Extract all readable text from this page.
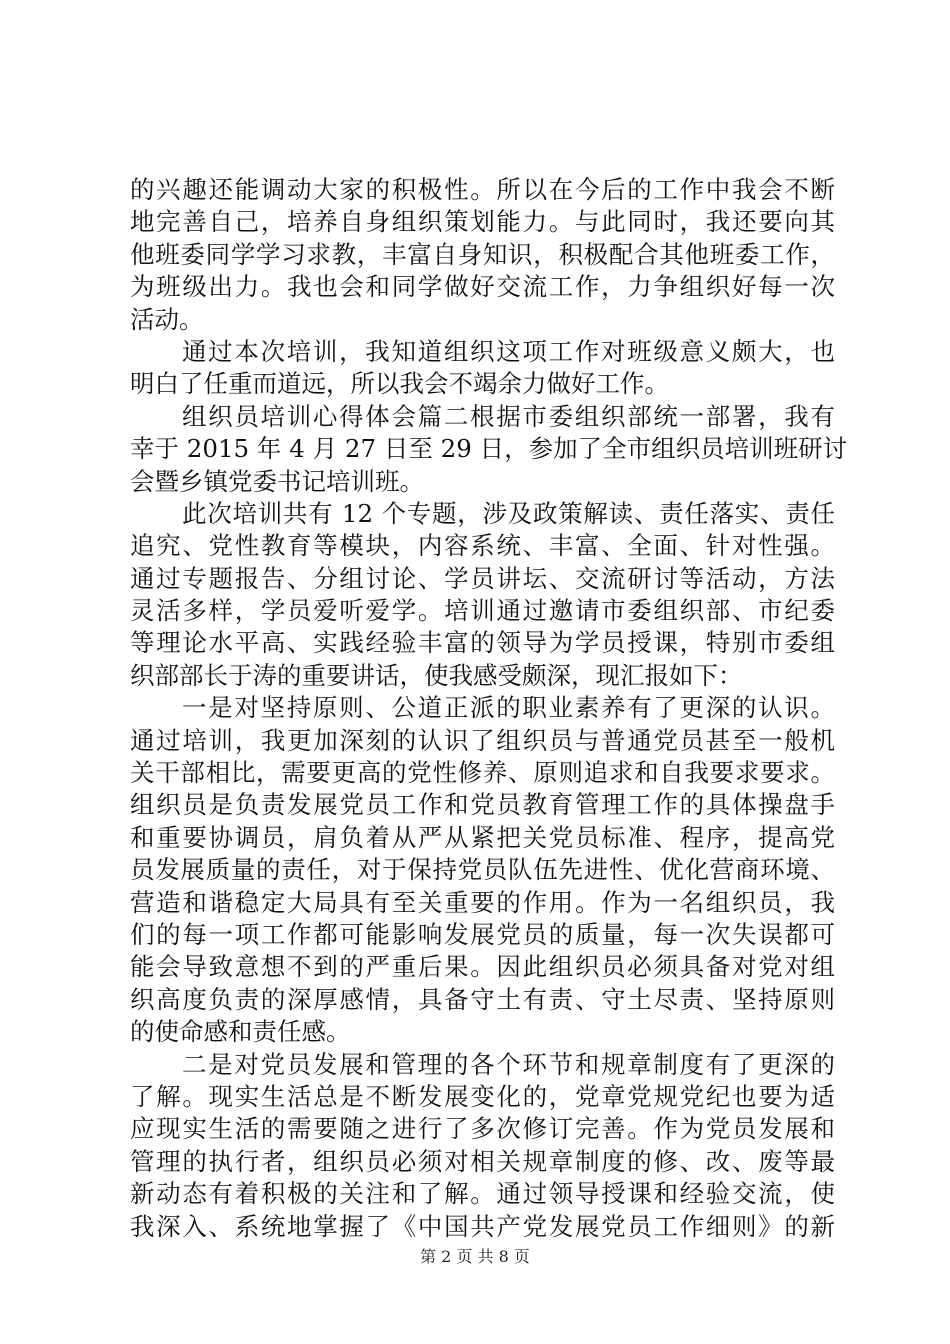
的兴趣还能调动大家的积极性。所以在今后的工作中我会不断
地完善自己，培养自身组织策划能力。与此同时，我还要向其
他班委同学学习求教，丰富自身知识，积极配合其他班委工作，
为班级出力。我也会和同学做好交流工作，力争组织好每一次
活动。
通过本次培训，我知道组织这项工作对班级意义颇大，也
明白了任重而道远，所以我会不竭余力做好工作。
组织员培训心得体会篇二根据市委组织部统一部署，我有
幸于 2015 年 4 月 27 日至 29 日，参加了全市组织员培训班研讨
会暨乡镇党委书记培训班。
此次培训共有 12 个专题，涉及政策解读、责任落实、责任
追究、党性教育等模块，内容系统、丰富、全面、针对性强。
通过专题报告、分组讨论、学员讲坛、交流研讨等活动，方法
灵活多样，学员爱听爱学。培训通过邀请市委组织部、市纪委
等理论水平高、实践经验丰富的领导为学员授课，特别市委组
织部部长于涛的重要讲话，使我感受颇深，现汇报如下：
一是对坚持原则、公道正派的职业素养有了更深的认识。
通过培训，我更加深刻的认识了组织员与普通党员甚至一般机
关干部相比，需要更高的党性修养、原则追求和自我要求要求。
组织员是负责发展党员工作和党员教育管理工作的具体操盘手
和重要协调员，肩负着从严从紧把关党员标准、程序，提高党
员发展质量的责任，对于保持党员队伍先进性、优化营商环境、
营造和谐稳定大局具有至关重要的作用。作为一名组织员，我
们的每一项工作都可能影响发展党员的质量，每一次失误都可
能会导致意想不到的严重后果。因此组织员必须具备对党对组
织高度负责的深厚感情，具备守土有责、守土尽责、坚持原则
的使命感和责任感。
二是对党员发展和管理的各个环节和规章制度有了更深的
了解。现实生活总是不断发展变化的，党章党规党纪也要为适
应现实生活的需要随之进行了多次修订完善。作为党员发展和
管理的执行者，组织员必须对相关规章制度的修、改、废等最
新动态有着积极的关注和了解。通过领导授课和经验交流，使
我深入、系统地掌握了《中国共产党发展党员工作细则》的新
第 2 页 共 8 页
